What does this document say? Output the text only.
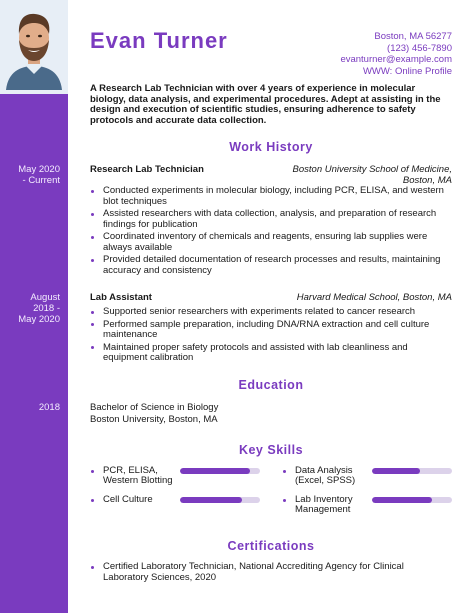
May 2020
- Current
August
2018 -
May 2020
2018
Evan Turner	Boston, MA 56277
(123) 456-7890
evanturner@example.com
WWW: Online Profile
A Research Lab Technician with over 4 years of experience in molecular biology, data analysis, and experimental procedures. Adept at assisting in the design and execution of scientific studies, ensuring adherence to safety protocols and accurate data collection.
Work History
Research Lab Technician	Boston University School of Medicine,
Boston, MA
Conducted experiments in molecular biology, including PCR, ELISA, and western blot techniques
Assisted researchers with data collection, analysis, and preparation of research findings for publication
Coordinated inventory of chemicals and reagents, ensuring lab supplies were always available
Provided detailed documentation of research processes and results, maintaining accuracy and consistency
Lab Assistant	Harvard Medical School, Boston, MA
Supported senior researchers with experiments related to cancer research
Performed sample preparation, including DNA/RNA extraction and cell culture maintenance
Maintained proper safety protocols and assisted with lab cleanliness and equipment calibration
Education
Bachelor of Science in Biology
Boston University, Boston, MA
Key Skills
PCR, ELISA, Western Blotting
Data Analysis (Excel, SPSS)
Cell Culture	Lab Inventory Management
Certifications
Certified Laboratory Technician, National Accrediting Agency for Clinical Laboratory Sciences, 2020
